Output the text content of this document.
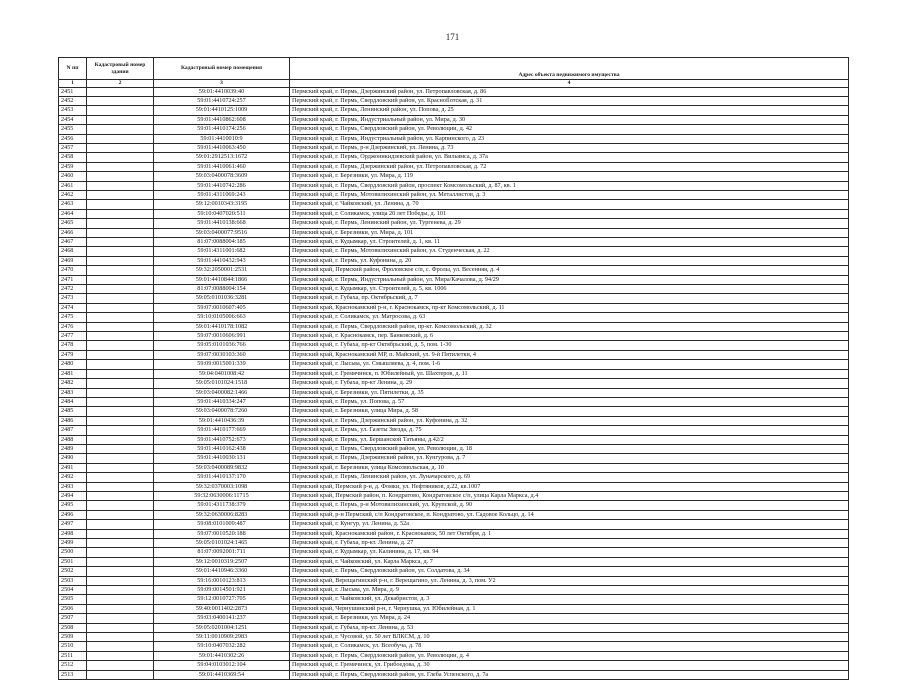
171
N пп	Кадастровый номер здания	Кадастровый номер помещения	Адрес объекта недвижимого имущества
1	2	3	4
2451		59:01:4410039:40	Пермский край, г. Пермь, Дзержинский район, ул. Петропавловская, д. 86
2452		59:01:4410724:257	Пермский край, г. Пермь, Свердловский район, ул. Красноflотская, д. 31
2453		59:01:4410125:1009	Пермский край, г. Пермь, Ленинский район, ул. Попова, д. 25
2454		59:01:4410862:608	Пермский край, г. Пермь, Индустриальный район, ул. Мира, д. 30
2455		59:01:4410174:256	Пермский край, г. Пермь, Свердловский район, ул. Революции, д. 42
2456		59:01:4410010:9	Пермский край, г. Пермь, Индустриальный район, ул. Карпинского, д. 23
2457		59:01:4410063:450	Пермский край, г. Пермь, р-н Дзержинский, ул. Ленина, д. 73
2458		59:01:2912513:1672	Пермский край, г. Пермь, Орджоникидзевский район, ул. Вильямса, д. 37а
2459		59:01:4410061:460	Пермский край, г. Пермь, Дзержинский район, ул. Петропавловская, д. 72
2460		59:03:0400078:3609	Пермский край, г. Березники, ул. Мира, д. 119
2461		59:01:4410742:286	Пермский край, г. Пермь, Свердловский район, проспект Комсомольский, д. 87, кв. 1
2462		59:01:4311069:243	Пермский край, г. Пермь, Мотовилихинский район, ул. Металлистов, д. 3
2463		59:12:0010343:3195	Пермский край, г. Чайковский, ул. Ленина, д. 70
2464		59:10:0407020:511	Пермский край, г. Соликамск, улица 20 лет Победы, д. 101
2465		59:01:4410138:668	Пермский край, г. Пермь, Ленинский район, ул. Тургенева, д. 29
2466		59:03:0400077:9516	Пермский край, г. Березники, ул. Мира, д. 101
2467		81:07:0088004:185	Пермский край, г. Кудымкар, ул. Строителей, д. 1, кв. 11
2468		59:01:4311001:682	Пермский край, г. Пермь, Мотовилихинский район, ул. Студенческая, д. 22
2469		59:01:4410432:943	Пермский край, г. Пермь, ул. Куфонина, д. 20
2470		59:32:2050001:2531	Пермский край, Пермский район, Фроловское с/п, с. Фролы, ул. Весенняя, д. 4
2471		59:01:4410844:1866	Пермский край, г. Пермь, Индустриальный район, ул. Мира/Качалова, д. 94/29
2472		81:07:0088004:154	Пермский край, г. Кудымкар, ул. Строителей, д. 5, кв. 1006
2473		59:05:0101036:3281	Пермский край, г. Губаха, пр. Октябрьский, д. 7
2474		59:07:0010607:405	Пермский край, Краснокамский р-н, г. Краснокамск, пр-кт Комсомольский, д. 11
2475		59:10:0105006:663	Пермский край, г. Соликамск, ул. Матросова, д. 63
2476		59:01:4410178:1082	Пермский край, г. Пермь, Свердловский район, пр-кт. Комсомольский, д. 32
2477		59:07:0010606:991	Пермский край, г. Краснокамск, пер. Банковский, д. 6
2478		59:05:0101036:766	Пермский край, г. Губаха, пр-кт Октябрьский, д. 5, пом. 1-30
2479		59:07:0030103:360	Пермский край, Краснокамский МР, п. Майский, ул. 9-й Пятилетки, 4
2480		59:09:0015001:339	Пермский край, г. Лысьва, ул. Смышляева, д. 4, пом. 1-6
2481		59:04:0401008:42	Пермский край, г. Гремячинск, п. Юбилейный, ул. Шахтеров, д. 11
2482		59:05:0101024:1518	Пермский край, г. Губаха, пр-кт Ленина, д. 29
2483		59:03:0400082:1466	Пермский край, г. Березники, ул. Пятилетки, д. 35
2484		59:01:4410334:247	Пермский край, г. Пермь, ул. Попова, д. 57
2485		59:03:0400078:7260	Пермский край, г. Березники, улица Мира, д. 58
2486		59:01:4410436:39	Пермский край, г. Пермь, Дзержинский район, ул. Куфонина, д. 32
2487		59:01:4410177:669	Пермский край, г. Пермь, ул. Газеты Звезда, д. 75
2488		59:01:4410752:673	Пермский край, г. Пермь, ул. Бершанской Татьяны, д.42/2
2489		59:01:4410162:438	Пермский край, г. Пермь, Свердловский район, ул. Революции, д. 18
2490		59:01:4410030:131	Пермский край, г. Пермь, Дзержинский район, ул. Кунгурова, д. 7
2491		59:03:0400089:9832	Пермский край, г. Березники, улица Комсомольская, д. 10
2492		59:01:4410137:170	Пермский край, г. Пермь, Ленинский район, ул. Луначарского, д. 69
2493		59:32:0370003:1098	Пермский край, Пермский р-н, д. Фомки, ул. Нефтяников, д.22, кв.1007
2494		59:32:0630006:11715	Пермский край, Пермский район, п. Кондратово, Кондратовское с/п, улица Карла Маркса, д.4
2495		59:01:4311738:379	Пермский край, г. Пермь, р-н Мотовилихинский, ул. Крупской, д. 90
2496		59:32:0630006:8283	Пермский край, р-н Пермский, с/п Кондратовское, п. Кондратово, ул. Садовое Кольцо, д. 14
2497		59:08:0101009:487	Пермский край, г. Кунгур, ул. Ленина, д. 52а
2498		59:07:0010520:188	Пермский край, Краснокамский район, г. Краснокамск, 50 лет Октября, д. 1
2499		59:05:0101024:1465	Пермский край, г. Губаха, пр-кт. Ленина, д. 27
2500		81:07:0092001:711	Пермский край, г. Кудымкар, ул. Калинина, д. 17, кв. 94
2501		59:12:0010319:2507	Пермский край, г. Чайковский, ул. Карла Маркса, д. 7
2502		59:01:4410946:3360	Пермский край, г. Пермь, Свердловский район, ул. Солдатова, д. 34
2503		59:16:0010123:813	Пермский край, Верещагинский р-н, г. Верещагино, ул. Ленина, д. 3, пом. У2
2504		59:09:0014501:921	Пермский край, г. Лысьва, ул. Мира, д. 9
2505		59:12:0010727:705	Пермский край, г. Чайковский, ул. Декабристов, д. 3
2506		59:40:0011402:2873	Пермский край, Чернушинский р-н, г. Чернушка, ул. Юбилейная, д. 1
2507		59:03:0400141:237	Пермский край, г. Березники, ул. Мира, д. 24
2508		59:05:0201004:1251	Пермский край, г. Губаха, пр-кт. Ленина, д. 53
2509		59:11:0010909:2983	Пермский край, г. Чусовой, ул. 50 лет ВЛКСМ, д. 10
2510		59:10:0407032:282	Пермский край, г. Соликамск, ул. Всеобуча, д. 78
2511		59:01:4410302:26	Пермский край, г. Пермь, Свердловский район, ул. Революции, д. 4
2512		59:04:0103012:104	Пермский край, г. Гремячинск, ул. Грибоедова, д. 30
2513		59:01:4410369:54	Пермский край, г. Пермь, Свердловский район, ул. Глеба Успенского, д. 7а
